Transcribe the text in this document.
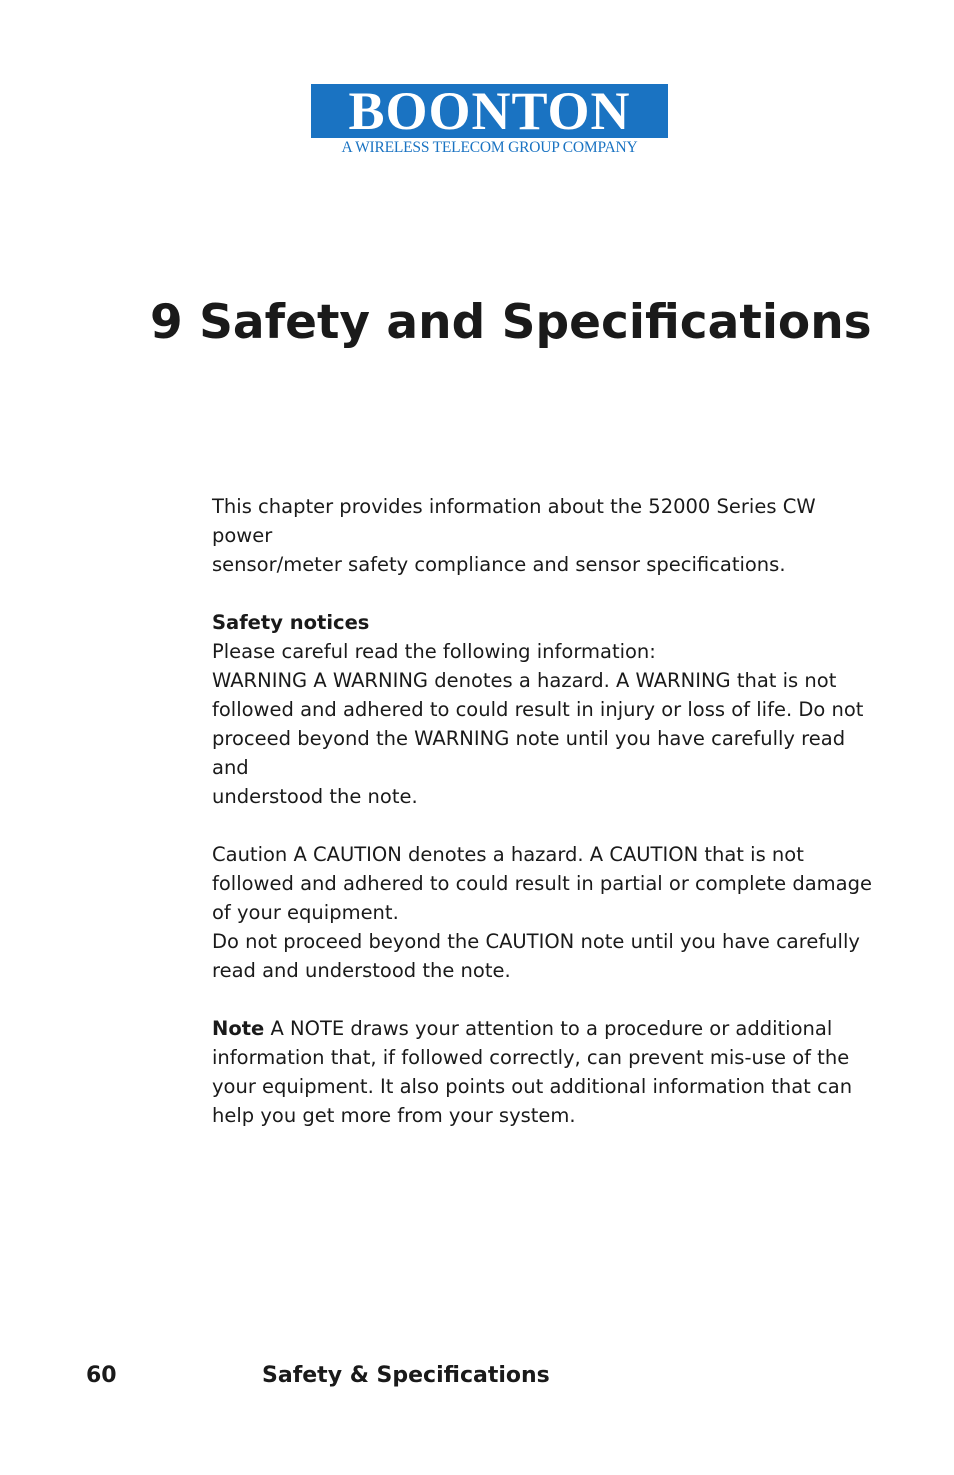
BOONTON
A WIRELESS TELECOM GROUP COMPANY
9 Safety and Specifications

This chapter provides information about the 52000 Series CW power
sensor/meter safety compliance and sensor specifications.

Safety notices

Please careful read the following information:

WARNING A WARNING denotes a hazard. A WARNING that is not
followed and adhered to could result in injury or loss of life. Do not
proceed beyond the WARNING note until you have carefully read and
understood the note.

Caution A CAUTION denotes a hazard. A CAUTION that is not
followed and adhered to could result in partial or complete damage
of your equipment.
Do not proceed beyond the CAUTION note until you have carefully
read and understood the note.

Note A NOTE draws your attention to a procedure or additional
information that, if followed correctly, can prevent mis-use of the
your equipment. It also points out additional information that can
help you get more from your system.

60	Safety & Specifications
